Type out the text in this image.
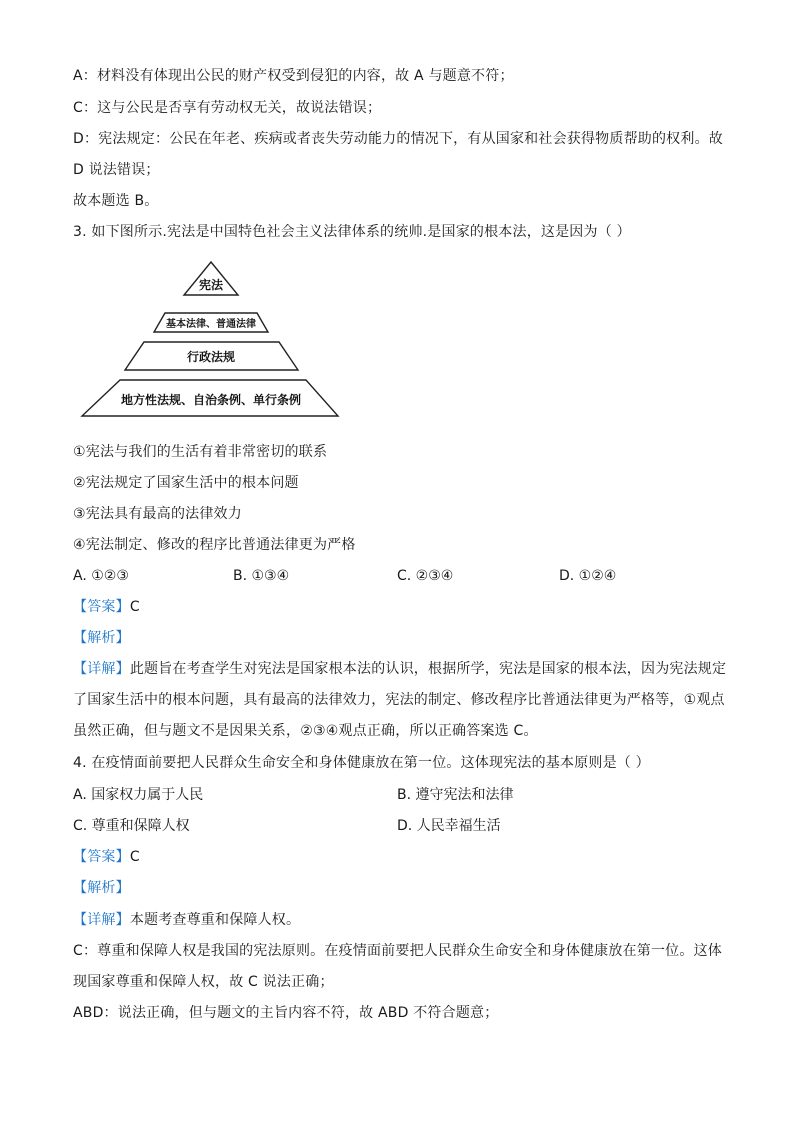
A：材料没有体现出公民的财产权受到侵犯的内容，故 A 与题意不符；
C：这与公民是否享有劳动权无关，故说法错误；
D：宪法规定：公民在年老、疾病或者丧失劳动能力的情况下，有从国家和社会获得物质帮助的权利。故
D 说法错误；
故本题选 B。
3. 如下图所示.宪法是中国特色社会主义法律体系的统帅.是国家的根本法，这是因为（ ）
宪法
基本法律、普通法律
行政法规
地方性法规、自治条例、单行条例
①宪法与我们的生活有着非常密切的联系
②宪法规定了国家生活中的根本问题
③宪法具有最高的法律效力
④宪法制定、修改的程序比普通法律更为严格
A. ①②③	B. ①③④	C. ②③④	D. ①②④
【答案】C
【解析】
【详解】此题旨在考查学生对宪法是国家根本法的认识，根据所学，宪法是国家的根本法，因为宪法规定
了国家生活中的根本问题，具有最高的法律效力，宪法的制定、修改程序比普通法律更为严格等，①观点
虽然正确，但与题文不是因果关系，②③④观点正确，所以正确答案选 C。
4. 在疫情面前要把人民群众生命安全和身体健康放在第一位。这体现宪法的基本原则是（ ）
A. 国家权力属于人民	B. 遵守宪法和法律
C. 尊重和保障人权	D. 人民幸福生活
【答案】C
【解析】
【详解】本题考查尊重和保障人权。
C：尊重和保障人权是我国的宪法原则。在疫情面前要把人民群众生命安全和身体健康放在第一位。这体
现国家尊重和保障人权，故 C 说法正确；
ABD：说法正确，但与题文的主旨内容不符，故 ABD 不符合题意；
